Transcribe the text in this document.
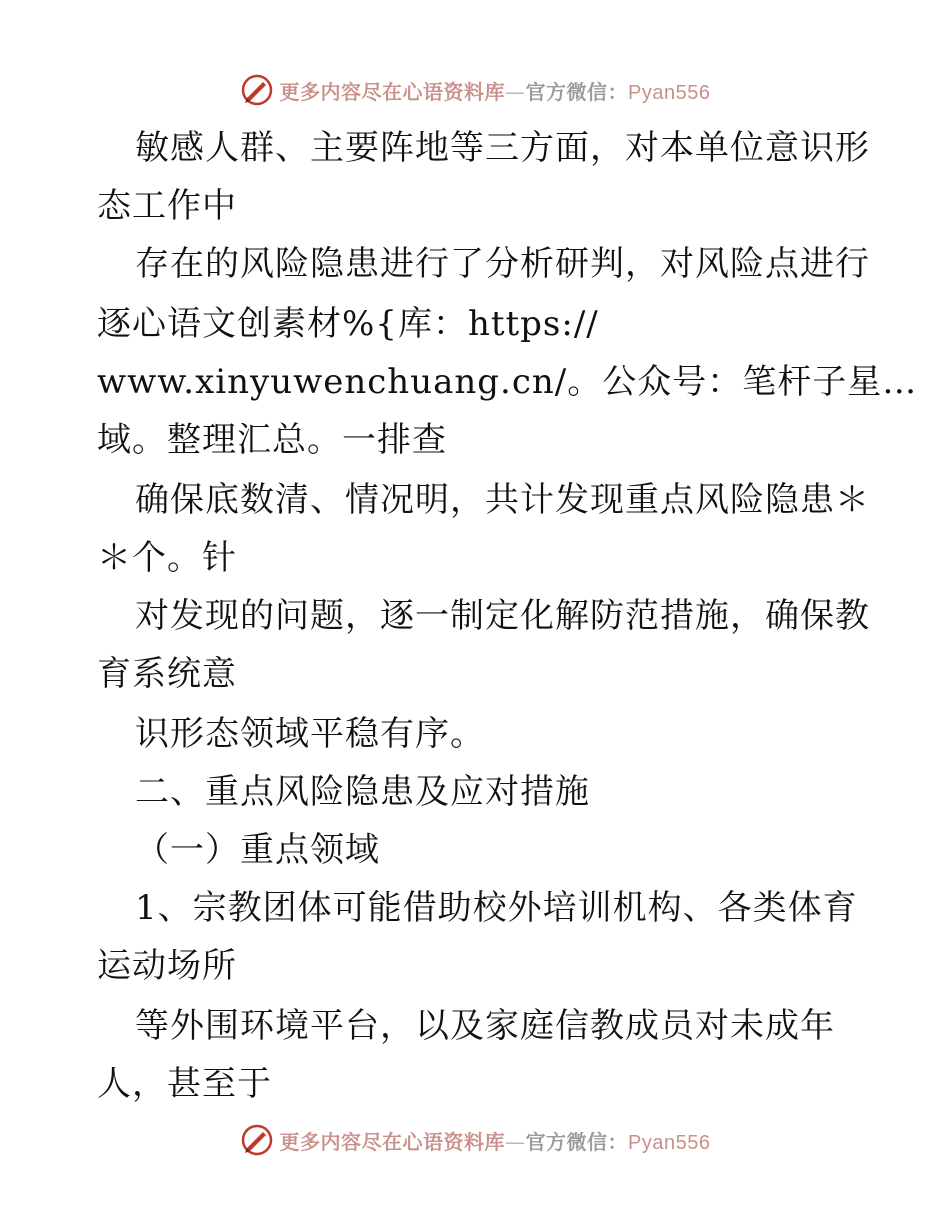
更多内容尽在心语资料库—官方微信：Pyan556
敏感人群、主要阵地等三方面，对本单位意识形
态工作中
存在的风险隐患进行了分析研判，对风险点进行
逐心语文创素材%{库：https://
www.xinyuwenchuang.cn/。公众号：笔杆子星…
域。整理汇总。一排查
确保底数清、情况明，共计发现重点风险隐患＊
＊个。针
对发现的问题，逐一制定化解防范措施，确保教
育系统意
识形态领域平稳有序。
二、重点风险隐患及应对措施
（一）重点领域
1、宗教团体可能借助校外培训机构、各类体育
运动场所
等外围环境平台，以及家庭信教成员对未成年
人，甚至于
更多内容尽在心语资料库—官方微信：Pyan556
